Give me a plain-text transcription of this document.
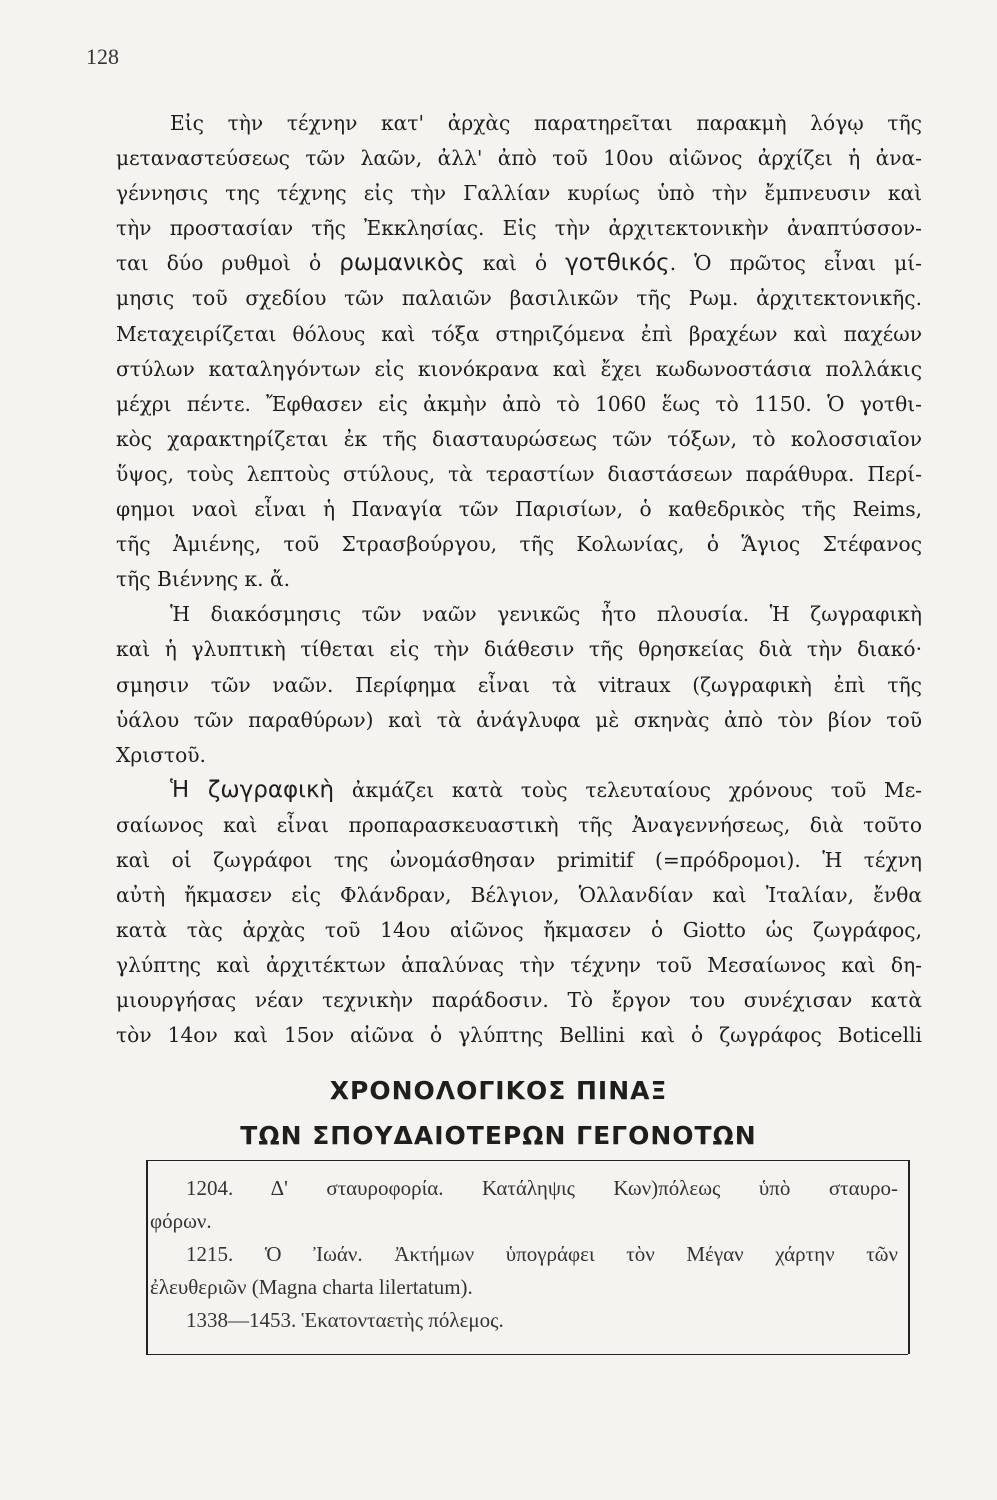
128

Εἰς τὴν τέχνην κατ' ἀρχὰς παρατηρεῖται παρακμὴ λόγῳ τῆς
μεταναστεύσεως τῶν λαῶν, ἀλλ' ἀπὸ τοῦ 10ου αἰῶνος ἀρχίζει ἡ ἀνα-
γέννησις της τέχνης εἰς τὴν Γαλλίαν κυρίως ὑπὸ τὴν ἔμπνευσιν καὶ
τὴν προστασίαν τῆς Ἐκκλησίας. Εἰς τὴν ἀρχιτεκτονικὴν ἀναπτύσσον-
ται δύο ρυθμοὶ ὁ ρωμανικὸς καὶ ὁ γοτθικός. Ὁ πρῶτος εἶναι μί-
μησις τοῦ σχεδίου τῶν παλαιῶν βασιλικῶν τῆς Ρωμ. ἀρχιτεκτονικῆς.
Μεταχειρίζεται θόλους καὶ τόξα στηριζόμενα ἐπὶ βραχέων καὶ παχέων
στύλων καταληγόντων εἰς κιονόκρανα καὶ ἔχει κωδωνοστάσια πολλάκις
μέχρι πέντε. Ἔφθασεν εἰς ἀκμὴν ἀπὸ τὸ 1060 ἕως τὸ 1150. Ὁ γοτθι-
κὸς χαρακτηρίζεται ἐκ τῆς διασταυρώσεως τῶν τόξων, τὸ κολοσσιαῖον
ὕψος, τοὺς λεπτοὺς στύλους, τὰ τεραστίων διαστάσεων παράθυρα. Περί-
φημοι ναοὶ εἶναι ἡ Παναγία τῶν Παρισίων, ὁ καθεδρικὸς τῆς Reims,
τῆς Ἀμιένης, τοῦ Στρασβούργου, τῆς Κολωνίας, ὁ Ἅγιος Στέφανος
τῆς Βιέννης κ. ἄ.

Ἡ διακόσμησις τῶν ναῶν γενικῶς ἦτο πλουσία. Ἡ ζωγραφικὴ
καὶ ἡ γλυπτικὴ τίθεται εἰς τὴν διάθεσιν τῆς θρησκείας διὰ τὴν διακό·
σμησιν τῶν ναῶν. Περίφημα εἶναι τὰ vitraux (ζωγραφικὴ ἐπὶ τῆς
ὑάλου τῶν παραθύρων) καὶ τὰ ἀνάγλυφα μὲ σκηνὰς ἀπὸ τὸν βίον τοῦ
Χριστοῦ.

Ἡ ζωγραφικὴ ἀκμάζει κατὰ τοὺς τελευταίους χρόνους τοῦ Με-
σαίωνος καὶ εἶναι προπαρασκευαστικὴ τῆς Ἀναγεννήσεως, διὰ τοῦτο
καὶ οἱ ζωγράφοι της ὠνομάσθησαν primitif (=πρόδρομοι). Ἡ τέχνη
αὐτὴ ἤκμασεν εἰς Φλάνδραν, Βέλγιον, Ὁλλανδίαν καὶ Ἰταλίαν, ἔνθα
κατὰ τὰς ἀρχὰς τοῦ 14ου αἰῶνος ἤκμασεν ὁ Giotto ὡς ζωγράφος,
γλύπτης καὶ ἀρχιτέκτων ἁπαλύνας τὴν τέχνην τοῦ Μεσαίωνος καὶ δη-
μιουργήσας νέαν τεχνικὴν παράδοσιν. Τὸ ἔργον του συνέχισαν κατὰ
τὸν 14ον καὶ 15ον αἰῶνα ὁ γλύπτης Bellini καὶ ὁ ζωγράφος Boticelli

ΧΡΟΝΟΛΟΓΙΚΟΣ ΠΙΝΑΞ
ΤΩΝ ΣΠΟΥΔΑΙΟΤΕΡΩΝ ΓΕΓΟΝΟΤΩΝ
1204. Δ' σταυροφορία. Κατάληψις Κων)πόλεως ὑπὸ σταυρο-
φόρων.
1215. Ὁ Ἰωάν. Ἀκτήμων ὑπογράφει τὸν Μέγαν χάρτην τῶν
ἐλευθεριῶν (Magna charta lilertatum).
1338—1453. Ἑκατονταετὴς πόλεμος.
